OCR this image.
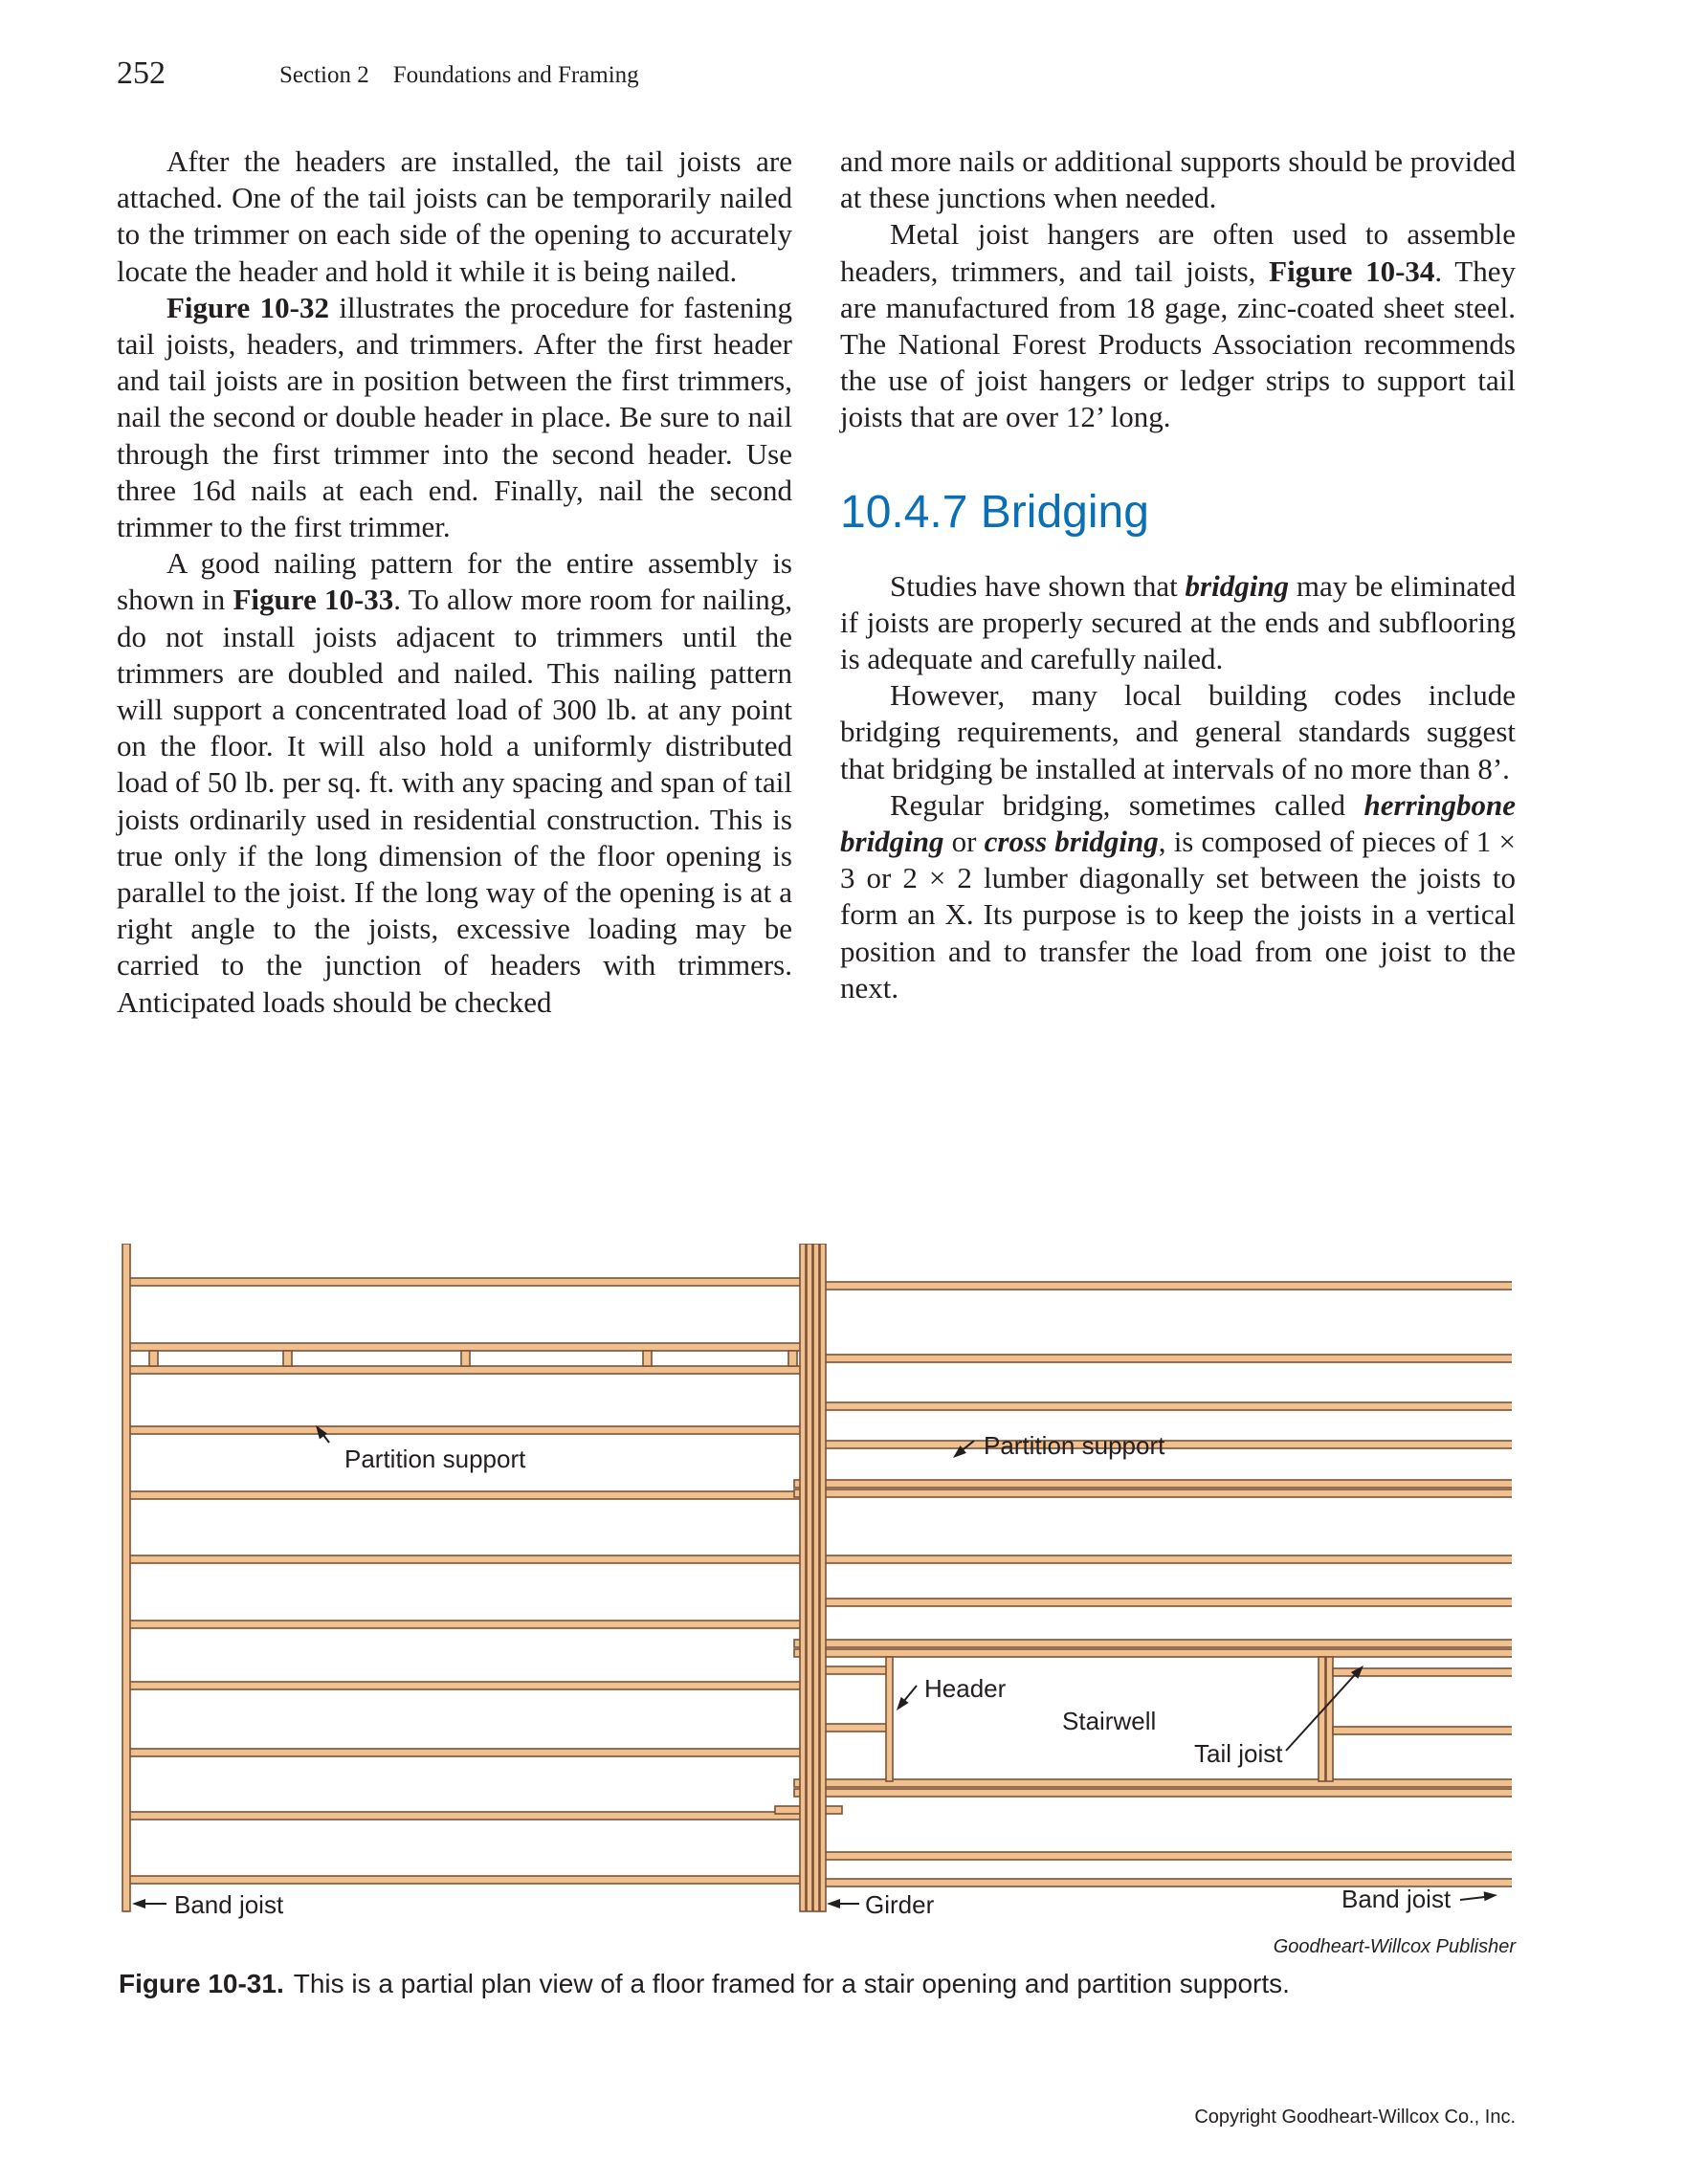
252	Section 2 Foundations and Framing

After the headers are installed, the tail joists are attached. One of the tail joists can be temporarily nailed to the trimmer on each side of the opening to accurately locate the header and hold it while it is being nailed.

Figure 10-32 illustrates the procedure for fastening tail joists, headers, and trimmers. After the first header and tail joists are in position between the first trimmers, nail the second or double header in place. Be sure to nail through the first trimmer into the second header. Use three 16d nails at each end. Finally, nail the second trimmer to the first trimmer.

A good nailing pattern for the entire assembly is shown in Figure 10-33. To allow more room for nailing, do not install joists adjacent to trimmers until the trimmers are doubled and nailed. This nailing pattern will support a concentrated load of 300 lb. at any point on the floor. It will also hold a uniformly distributed load of 50 lb. per sq. ft. with any spacing and span of tail joists ordinarily used in residential construction. This is true only if the long dimension of the floor opening is parallel to the joist. If the long way of the opening is at a right angle to the joists, excessive loading may be carried to the junction of headers with trimmers. Anticipated loads should be checked

and more nails or additional supports should be provided at these junctions when needed.

Metal joist hangers are often used to assemble headers, trimmers, and tail joists, Figure 10-34. They are manufactured from 18 gage, zinc-coated sheet steel. The National Forest Products Association recommends the use of joist hangers or ledger strips to support tail joists that are over 12’ long.

10.4.7 Bridging

Studies have shown that bridging may be eliminated if joists are properly secured at the ends and subflooring is adequate and carefully nailed.

However, many local building codes include bridging requirements, and general standards suggest that bridging be installed at intervals of no more than 8’.

Regular bridging, sometimes called herringbone bridging or cross bridging, is composed of pieces of 1 × 3 or 2 × 2 lumber diagonally set between the joists to form an X. Its purpose is to keep the joists in a vertical position and to transfer the load from one joist to the next.

Partition support	Partition support
Header
Stairwell
Tail joist
Band joist	Girder	Band joist
Goodheart-Willcox Publisher
Figure 10-31. This is a partial plan view of a floor framed for a stair opening and partition supports.
Copyright Goodheart-Willcox Co., Inc.
